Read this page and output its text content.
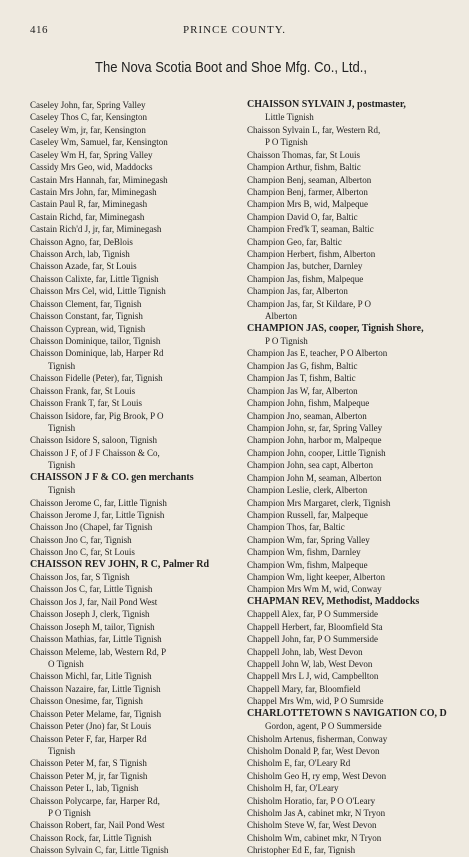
416	PRINCE COUNTY.
The Nova Scotia Boot and Shoe Mfg. Co., Ltd.,
Caseley John, far, Spring Valley
Caseley Thos C, far, Kensington
Caseley Wm, jr, far, Kensington
Caseley Wm, Samuel, far, Kensington
Caseley Wm H, far, Spring Valley
Cassidy Mrs Geo, wid, Maddocks
Castain Mrs Hannah, far, Miminegash
Castain Mrs John, far, Miminegash
Castain Paul R, far, Miminegash
Castain Richd, far, Miminegash
Castain Rich'd J, jr, far, Miminegash
Chaisson Agno, far, DeBlois
Chaisson Arch, lab, Tignish
Chaisson Azade, far, St Louis
Chaisson Calixte, far, Little Tignish
Chaisson Mrs Cel, wid, Little Tignish
Chaisson Clement, far, Tignish
Chaisson Constant, far, Tignish
Chaisson Cyprean, wid, Tignish
Chaisson Dominique, tailor, Tignish
Chaisson Dominique, lab, Harper Rd
Tignish
Chaisson Fidelle (Peter), far, Tignish
Chaisson Frank, far, St Louis
Chaisson Frank T, far, St Louis
Chaisson Isidore, far, Pig Brook, P O
Tignish
Chaisson Isidore S, saloon, Tignish
Chaisson J F, of J F Chaisson & Co,
Tignish
CHAISSON J F & CO. gen merchants
Tignish
Chaisson Jerome C, far, Little Tignish
Chaisson Jerome J, far, Little Tignish
Chaisson Jno (Chapel, far Tignish
Chaisson Jno C, far, Tignish
Chaisson Jno C, far, St Louis
CHAISSON REV JOHN, R C, Palmer Rd
Chaisson Jos, far, S Tignish
Chaisson Jos C, far, Little Tignish
Chaisson Jos J, far, Nail Pond West
Chaisson Joseph J, clerk, Tignish
Chaisson Joseph M, tailor, Tignish
Chaisson Mathias, far, Little Tignish
Chaisson Meleme, lab, Western Rd, P
O Tignish
Chaisson Michl, far, Litle Tignish
Chaisson Nazaire, far, Little Tignish
Chaisson Onesime, far, Tignish
Chaisson Peter Melame, far, Tignish
Chaisson Peter (Jno) far, St Louis
Chaisson Peter F, far, Harper Rd
Tignish
Chaisson Peter M, far, S Tignish
Chaisson Peter M, jr, far Tignish
Chaisson Peter L, lab, Tignish
Chaisson Polycarpe, far, Harper Rd,
P O Tignish
Chaisson Robert, far, Nail Pond West
Chaisson Rock, far, Little Tignish
Chaisson Sylvain C, far, Little Tignish
CHAISSON SYLVAIN J, postmaster,
Little Tignish
Chaisson Sylvain L, far, Western Rd,
P O Tignish
Chaisson Thomas, far, St Louis
Champion Arthur, fishm, Baltic
Champion Benj, seaman, Alberton
Champion Benj, farmer, Alberton
Champion Mrs B, wid, Malpeque
Champion David O, far, Baltic
Champion Fred'k T, seaman, Baltic
Champion Geo, far, Baltic
Champion Herbert, fishm, Alberton
Champion Jas, butcher, Darnley
Champion Jas, fishm, Malpeque
Champion Jas, far, Alberton
Champion Jas, far, St Kildare, P O
Alberton
CHAMPION JAS, cooper, Tignish Shore,
P O Tignish
Champion Jas E, teacher, P O Alberton
Champion Jas G, fishm, Baltic
Champion Jas T, fishm, Baltic
Champion Jas W, far, Alberton
Champion John, fishm, Malpeque
Champion Jno, seaman, Alberton
Champion John, sr, far, Spring Valley
Champion John, harbor m, Malpeque
Champion John, cooper, Little Tignish
Champion John, sea capt, Alberton
Champion John M, seaman, Alberton
Champion Leslie, clerk, Alberton
Champion Mrs Margaret, clerk, Tignish
Champion Russell, far, Malpeque
Champion Thos, far, Baltic
Champion Wm, far, Spring Valley
Champion Wm, fishm, Darnley
Champion Wm, fishm, Malpeque
Champion Wm, light keeper, Alberton
Champion Mrs Wm M, wid, Conway
CHAPMAN REV, Methodist, Maddocks
Chappell Alex, far, P O Summerside
Chappell Herbert, far, Bloomfield Sta
Chappell John, far, P O Summerside
Chappell John, lab, West Devon
Chappell John W, lab, West Devon
Chappell Mrs L J, wid, Campbellton
Chappell Mary, far, Bloomfield
Chappel Mrs Wm, wid, P O Sumrside
CHARLOTTETOWN S NAVIGATION CO, D
Gordon, agent, P O Summerside
Chisholm Artenus, fisherman, Conway
Chisholm Donald P, far, West Devon
Chisholm E, far, O'Leary Rd
Chisholm Geo H, ry emp, West Devon
Chisholm H, far, O'Leary
Chisholm Horatio, far, P O O'Leary
Chisholm Jas A, cabinet mkr, N Tryon
Chisholm Steve W, far, West Devon
Chisholm Wm, cabinet mkr, N Tryon
Christopher Ed E, far, Tignish
